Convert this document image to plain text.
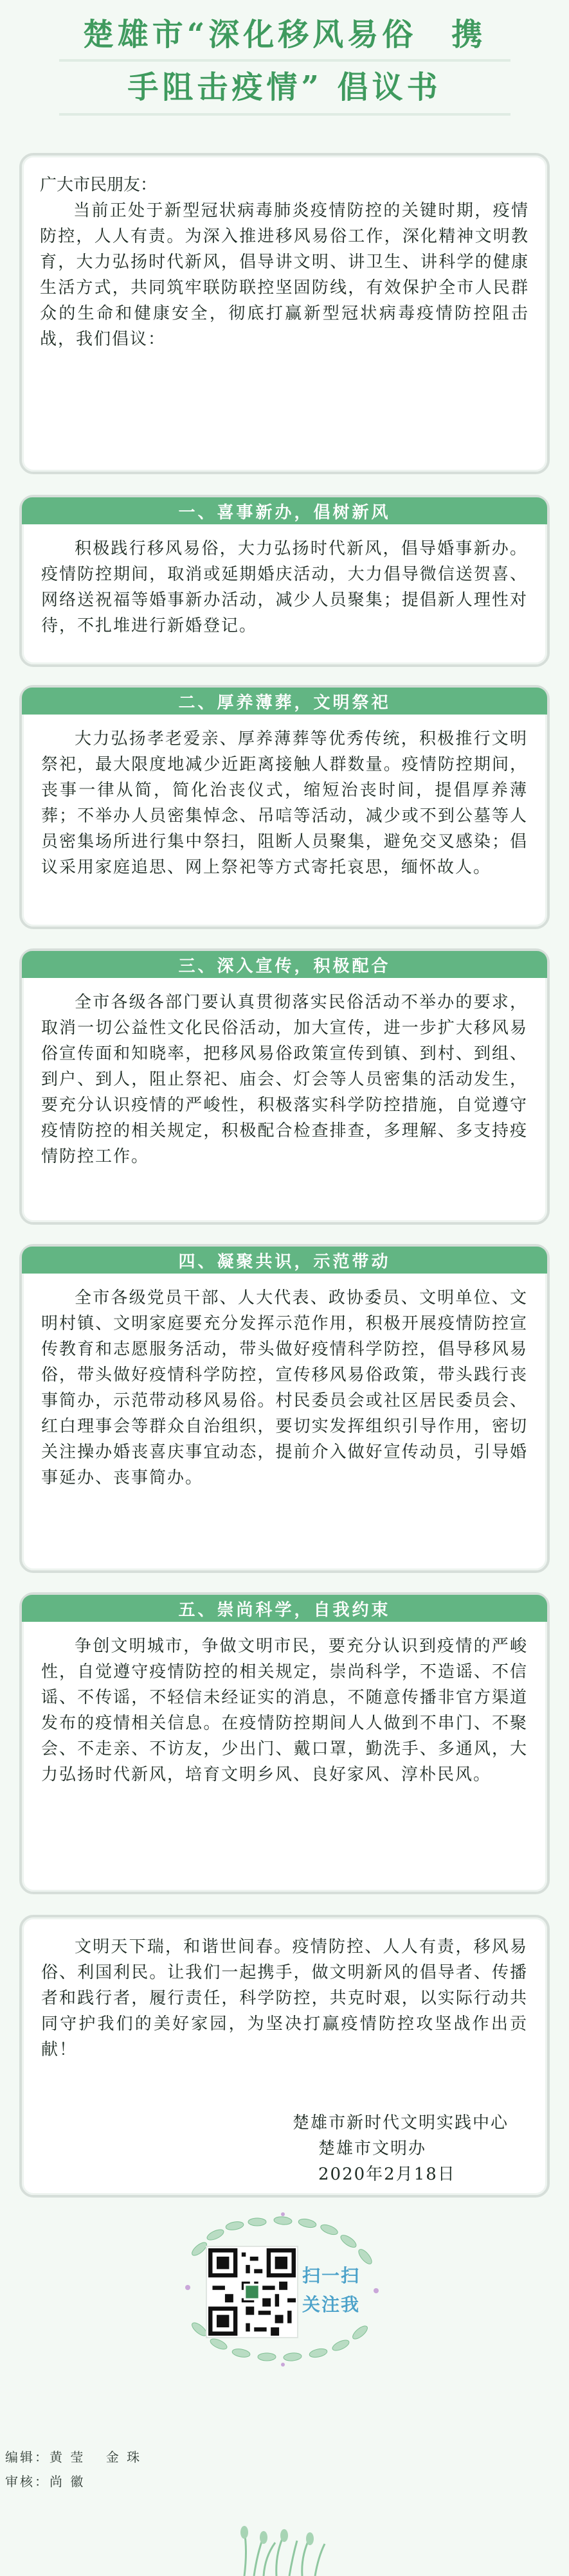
楚雄市“深化移风易俗　携
手阻击疫情” 倡议书

广大市民朋友：

当前正处于新型冠状病毒肺炎疫情防控的关键时期，疫情防控，人人有责。为深入推进移风易俗工作，深化精神文明教育，大力弘扬时代新风，倡导讲文明、讲卫生、讲科学的健康生活方式，共同筑牢联防联控坚固防线，有效保护全市人民群众的生命和健康安全，彻底打赢新型冠状病毒疫情防控阻击战，我们倡议：

一、喜事新办，倡树新风

积极践行移风易俗，大力弘扬时代新风，倡导婚事新办。疫情防控期间，取消或延期婚庆活动，大力倡导微信送贺喜、网络送祝福等婚事新办活动，减少人员聚集；提倡新人理性对待，不扎堆进行新婚登记。

二、厚养薄葬，文明祭祀

大力弘扬孝老爱亲、厚养薄葬等优秀传统，积极推行文明祭祀，最大限度地减少近距离接触人群数量。疫情防控期间，丧事一律从简，简化治丧仪式，缩短治丧时间，提倡厚养薄葬；不举办人员密集悼念、吊唁等活动，减少或不到公墓等人员密集场所进行集中祭扫，阻断人员聚集，避免交叉感染；倡议采用家庭追思、网上祭祀等方式寄托哀思，缅怀故人。

三、深入宣传，积极配合

全市各级各部门要认真贯彻落实民俗活动不举办的要求，取消一切公益性文化民俗活动，加大宣传，进一步扩大移风易俗宣传面和知晓率，把移风易俗政策宣传到镇、到村、到组、到户、到人，阻止祭祀、庙会、灯会等人员密集的活动发生，要充分认识疫情的严峻性，积极落实科学防控措施，自觉遵守疫情防控的相关规定，积极配合检查排查，多理解、多支持疫情防控工作。

四、凝聚共识，示范带动

全市各级党员干部、人大代表、政协委员、文明单位、文明村镇、文明家庭要充分发挥示范作用，积极开展疫情防控宣传教育和志愿服务活动，带头做好疫情科学防控，倡导移风易俗，带头做好疫情科学防控，宣传移风易俗政策，带头践行丧事简办，示范带动移风易俗。村民委员会或社区居民委员会、红白理事会等群众自治组织，要切实发挥组织引导作用，密切关注操办婚丧喜庆事宜动态，提前介入做好宣传动员，引导婚事延办、丧事简办。

五、崇尚科学，自我约束

争创文明城市，争做文明市民，要充分认识到疫情的严峻性，自觉遵守疫情防控的相关规定，崇尚科学，不造谣、不信谣、不传谣，不轻信未经证实的消息，不随意传播非官方渠道发布的疫情相关信息。在疫情防控期间人人做到不串门、不聚会、不走亲、不访友，少出门、戴口罩，勤洗手、多通风，大力弘扬时代新风，培育文明乡风、良好家风、淳朴民风。

文明天下瑞，和谐世间春。疫情防控、人人有责，移风易俗、利国利民。让我们一起携手，做文明新风的倡导者、传播者和践行者，履行责任，科学防控，共克时艰，以实际行动共同守护我们的美好家园，为坚决打赢疫情防控攻坚战作出贡献！

楚雄市新时代文明实践中心
楚雄市文明办
2020年2月18日
扫一扫
关注我
编辑：黄 莹　 金 珠
审核：尚 徽
